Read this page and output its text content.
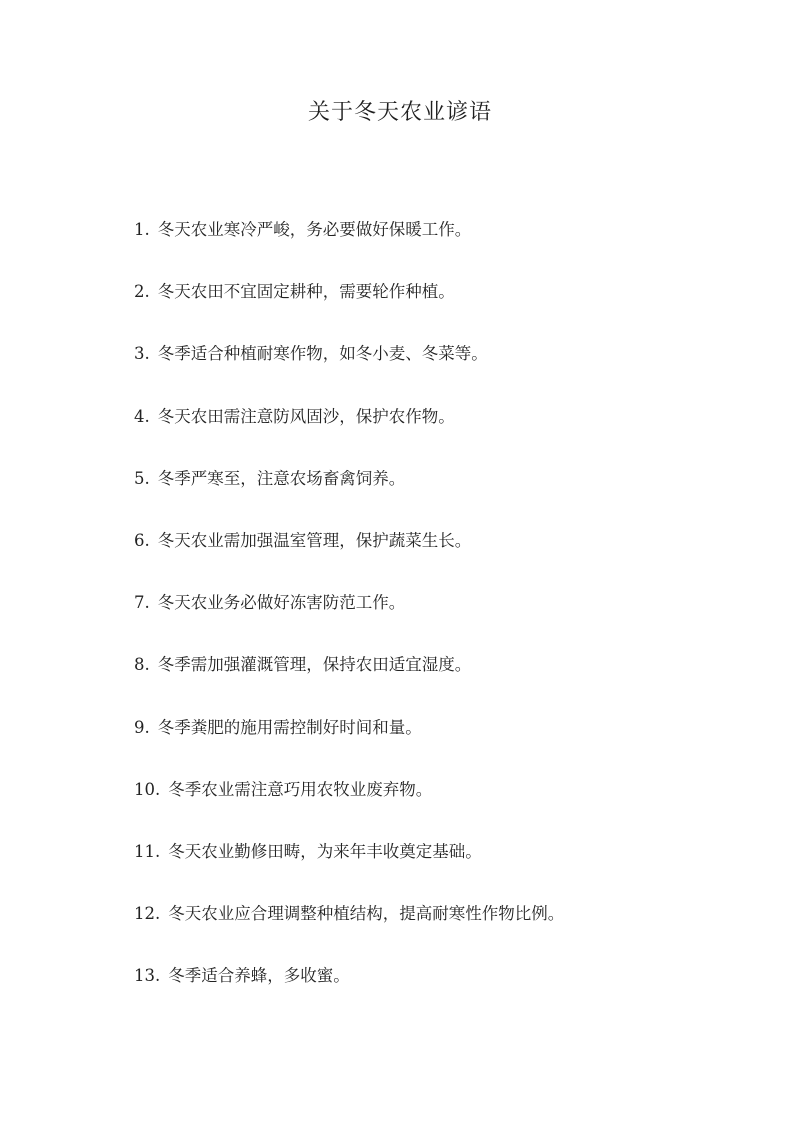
关于冬天农业谚语
1. 冬天农业寒冷严峻，务必要做好保暖工作。
2. 冬天农田不宜固定耕种，需要轮作种植。
3. 冬季适合种植耐寒作物，如冬小麦、冬菜等。
4. 冬天农田需注意防风固沙，保护农作物。
5. 冬季严寒至，注意农场畜禽饲养。
6. 冬天农业需加强温室管理，保护蔬菜生长。
7. 冬天农业务必做好冻害防范工作。
8. 冬季需加强灌溉管理，保持农田适宜湿度。
9. 冬季粪肥的施用需控制好时间和量。
10. 冬季农业需注意巧用农牧业废弃物。
11. 冬天农业勤修田畴，为来年丰收奠定基础。
12. 冬天农业应合理调整种植结构，提高耐寒性作物比例。
13. 冬季适合养蜂，多收蜜。
